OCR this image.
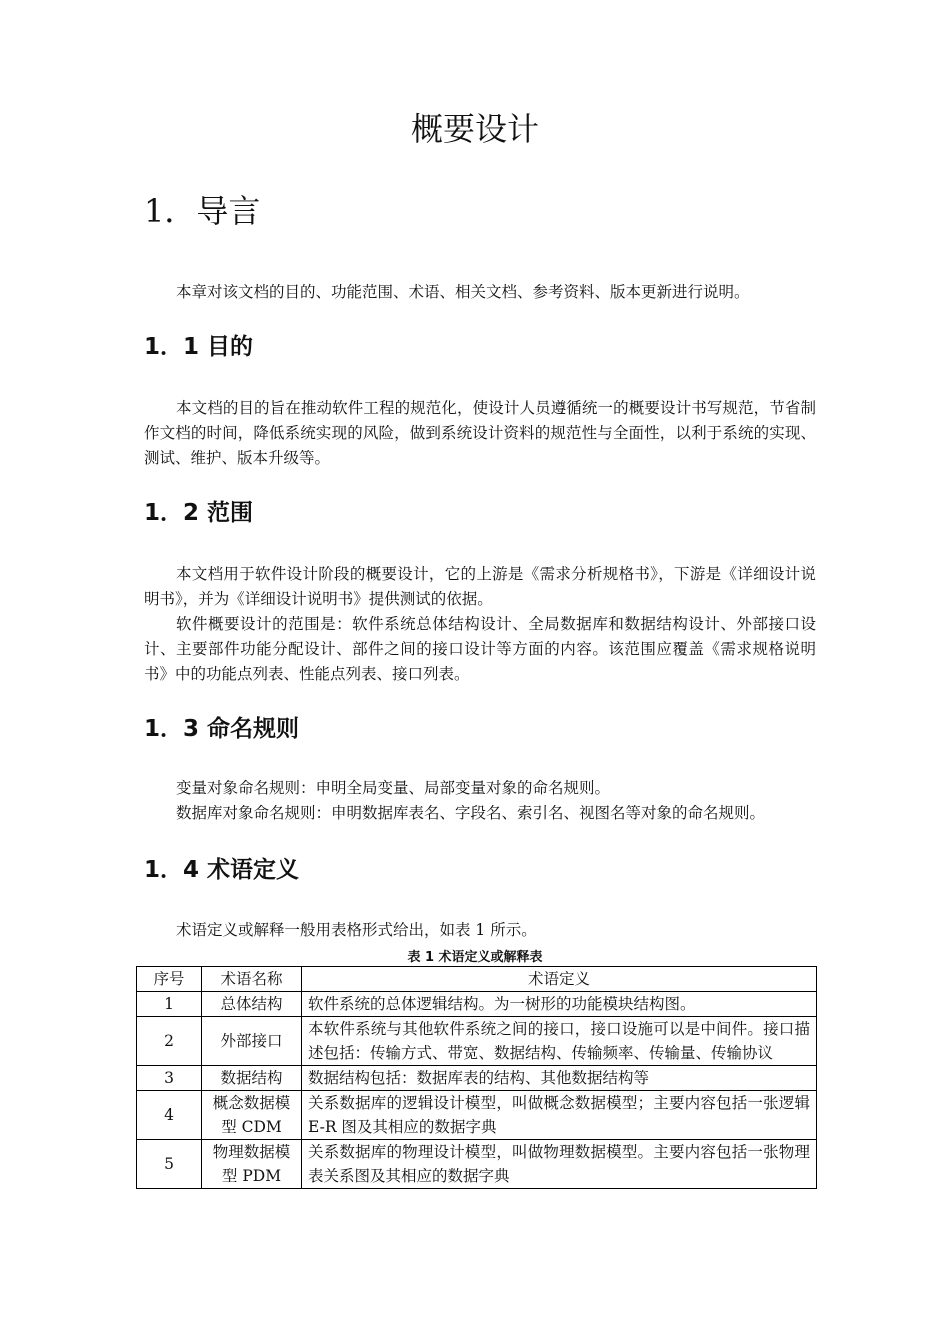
概要设计
1．导言
本章对该文档的目的、功能范围、术语、相关文档、参考资料、版本更新进行说明。
1．1 目的
本文档的目的旨在推动软件工程的规范化，使设计人员遵循统一的概要设计书写规范，节省制作文档的时间，降低系统实现的风险，做到系统设计资料的规范性与全面性，以利于系统的实现、测试、维护、版本升级等。
1．2 范围
本文档用于软件设计阶段的概要设计，它的上游是《需求分析规格书》，下游是《详细设计说明书》，并为《详细设计说明书》提供测试的依据。
软件概要设计的范围是：软件系统总体结构设计、全局数据库和数据结构设计、外部接口设计、主要部件功能分配设计、部件之间的接口设计等方面的内容。该范围应覆盖《需求规格说明书》中的功能点列表、性能点列表、接口列表。
1．3 命名规则
变量对象命名规则：申明全局变量、局部变量对象的命名规则。
数据库对象命名规则：申明数据库表名、字段名、索引名、视图名等对象的命名规则。
1．4 术语定义
术语定义或解释一般用表格形式给出，如表 1 所示。
表 1 术语定义或解释表
序号	术语名称	术语定义
1	总体结构	软件系统的总体逻辑结构。为一树形的功能模块结构图。
2	外部接口	本软件系统与其他软件系统之间的接口，接口设施可以是中间件。接口描述包括：传输方式、带宽、数据结构、传输频率、传输量、传输协议
3	数据结构	数据结构包括：数据库表的结构、其他数据结构等
4	概念数据模型 CDM	关系数据库的逻辑设计模型，叫做概念数据模型；主要内容包括一张逻辑 E-R 图及其相应的数据字典
5	物理数据模型 PDM	关系数据库的物理设计模型，叫做物理数据模型。主要内容包括一张物理表关系图及其相应的数据字典
